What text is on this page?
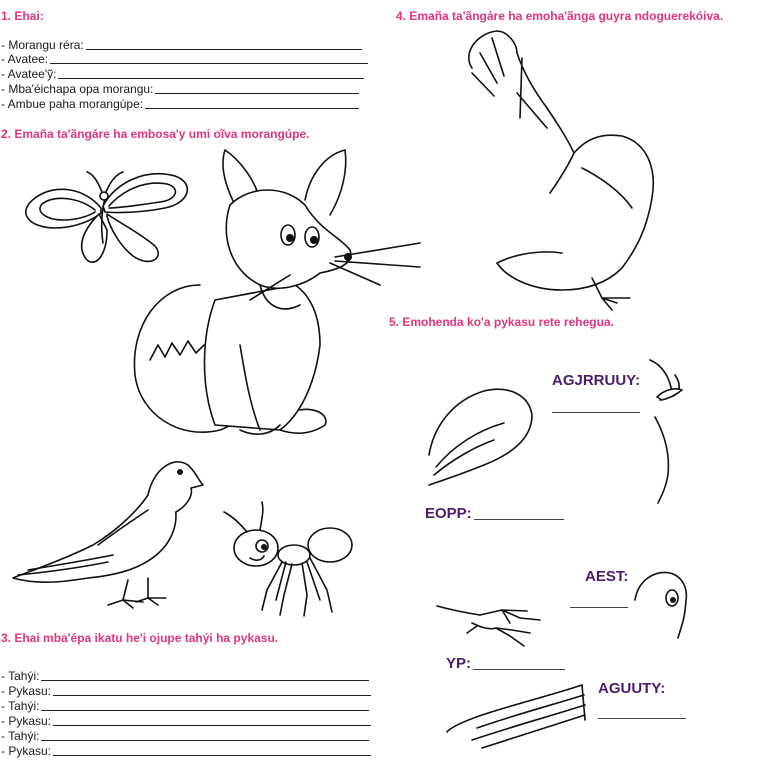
1. Ehai:
- Morangu réra:
- Avatee:
- Avatee'ỹ:
- Mba'éichapa opa morangu:
- Ambue paha morangúpe:
2. Emaña ta'ãngáre ha embosa'y umi oĩva morangúpe.
3. Ehai mba'épa ikatu he'i ojupe tahýi ha pykasu.
- Tahýi:
- Pykasu:
- Tahýi:
- Pykasu:
- Tahýi:
- Pykasu:
4. Emaña ta'ãngáre ha emoha'ãnga guyra ndoguerekóiva.
5. Emohenda ko'a pykasu rete rehegua.
AGJRRUUY:
EOPP:
AEST:
YP:
AGUUTY:
